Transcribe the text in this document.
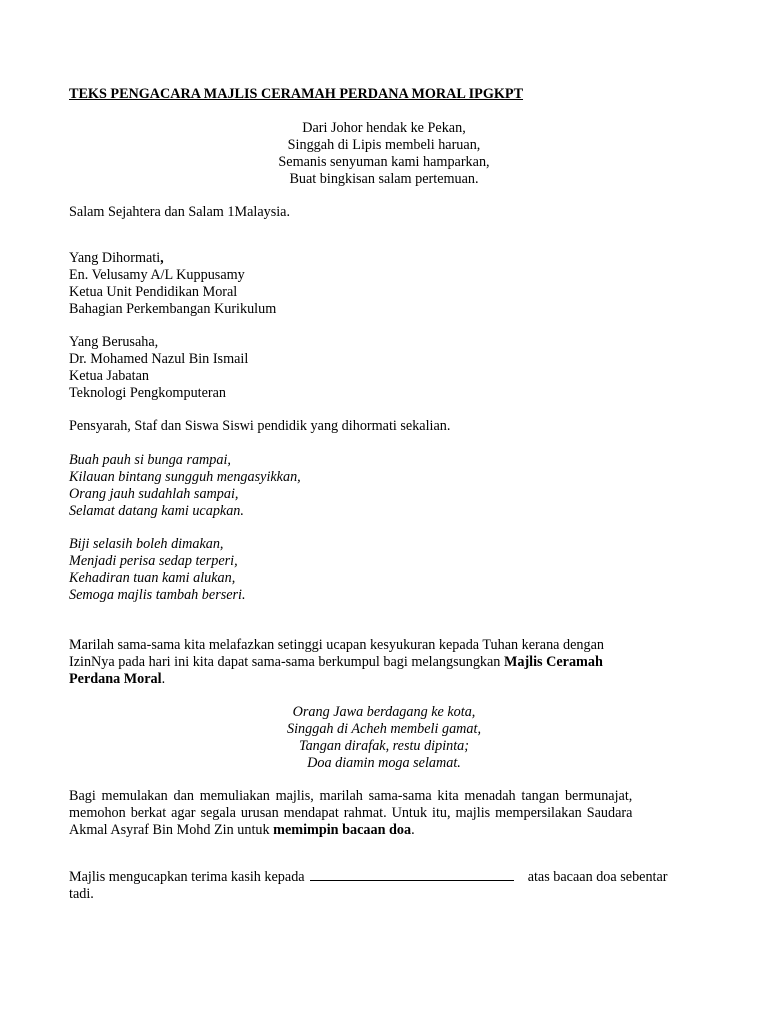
TEKS PENGACARA MAJLIS CERAMAH PERDANA MORAL IPGKPT
Dari Johor hendak ke Pekan,
Singgah di Lipis membeli haruan,
Semanis senyuman kami hamparkan,
Buat bingkisan salam pertemuan.
Salam Sejahtera dan Salam 1Malaysia.
Yang Dihormati,
En. Velusamy A/L Kuppusamy
Ketua Unit Pendidikan Moral
Bahagian Perkembangan Kurikulum
Yang Berusaha,
Dr. Mohamed Nazul Bin Ismail
Ketua Jabatan
Teknologi Pengkomputeran
Pensyarah, Staf dan Siswa Siswi pendidik yang dihormati sekalian.
Buah pauh si bunga rampai,
Kilauan bintang sungguh mengasyikkan,
Orang jauh sudahlah sampai,
Selamat datang kami ucapkan.
Biji selasih boleh dimakan,
Menjadi perisa sedap terperi,
Kehadiran tuan kami alukan,
Semoga majlis tambah berseri.
Marilah sama-sama kita melafazkan setinggi ucapan kesyukuran kepada Tuhan kerana dengan
IzinNya pada hari ini kita dapat sama-sama berkumpul bagi melangsungkan Majlis Ceramah
Perdana Moral.
Orang Jawa berdagang ke kota,
Singgah di Acheh membeli gamat,
Tangan dirafak, restu dipinta;
Doa diamin moga selamat.
Bagi memulakan dan memuliakan majlis, marilah sama-sama kita menadah tangan bermunajat,
memohon berkat agar segala urusan mendapat rahmat. Untuk itu, majlis mempersilakan Saudara
Akmal Asyraf Bin Mohd Zin untuk memimpin bacaan doa.
Majlis mengucapkan terima kasih kepada	atas bacaan doa sebentar
tadi.
